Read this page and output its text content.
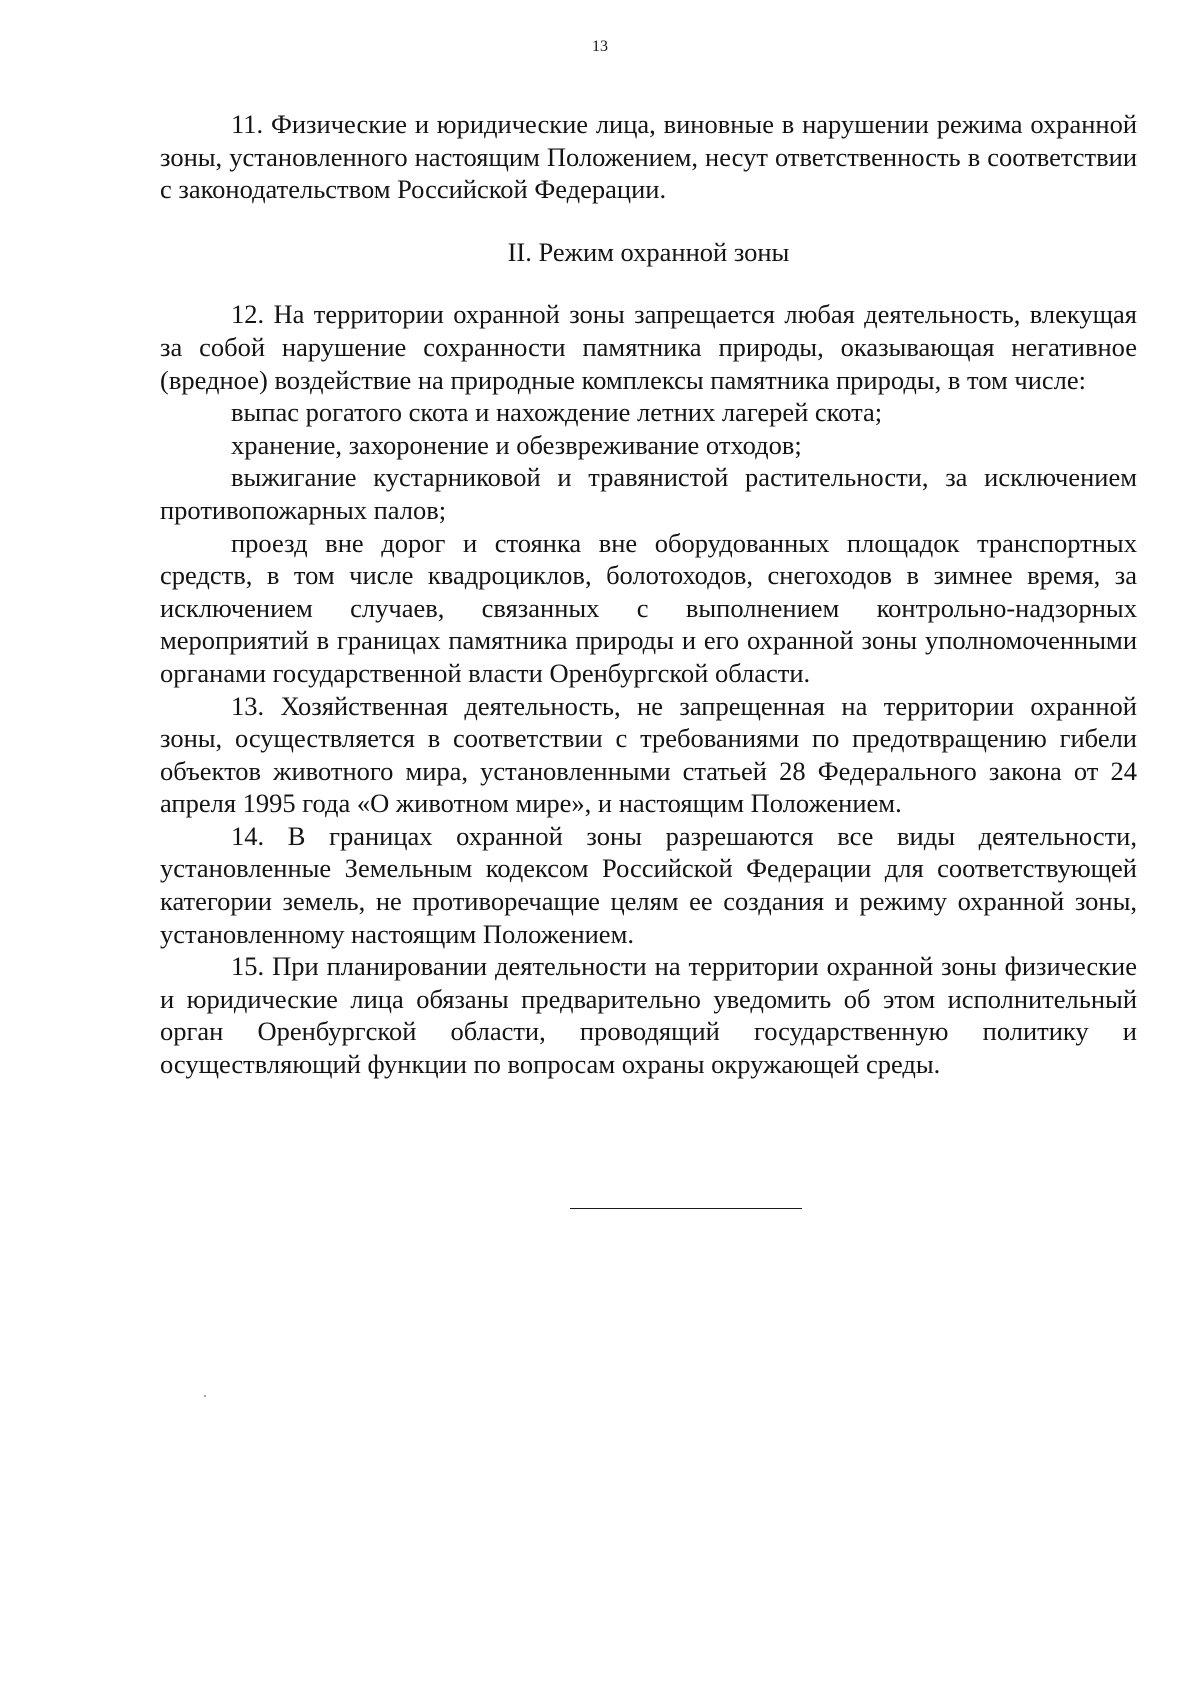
13

11. Физические и юридические лица, виновные в нарушении режима охранной зоны, установленного настоящим Положением, несут ответственность в соответствии с законодательством Российской Федерации.

II. Режим охранной зоны

12. На территории охранной зоны запрещается любая деятельность, влекущая за собой нарушение сохранности памятника природы, оказывающая негативное (вредное) воздействие на природные комплексы памятника природы, в том числе:

выпас рогатого скота и нахождение летних лагерей скота;

хранение, захоронение и обезвреживание отходов;

выжигание кустарниковой и травянистой растительности, за исключением противопожарных палов;

проезд вне дорог и стоянка вне оборудованных площадок транспортных средств, в том числе квадроциклов, болотоходов, снегоходов в зимнее время, за исключением случаев, связанных с выполнением контрольно-надзорных мероприятий в границах памятника природы и его охранной зоны уполномоченными органами государственной власти Оренбургской области.

13. Хозяйственная деятельность, не запрещенная на территории охранной зоны, осуществляется в соответствии с требованиями по предотвращению гибели объектов животного мира, установленными статьей 28 Федерального закона от 24 апреля 1995 года «О животном мире», и настоящим Положением.

14. В границах охранной зоны разрешаются все виды деятельности, установленные Земельным кодексом Российской Федерации для соответствующей категории земель, не противоречащие целям ее создания и режиму охранной зоны, установленному настоящим Положением.

15. При планировании деятельности на территории охранной зоны физические и юридические лица обязаны предварительно уведомить об этом исполнительный орган Оренбургской области, проводящий государственную политику и осуществляющий функции по вопросам охраны окружающей среды.
